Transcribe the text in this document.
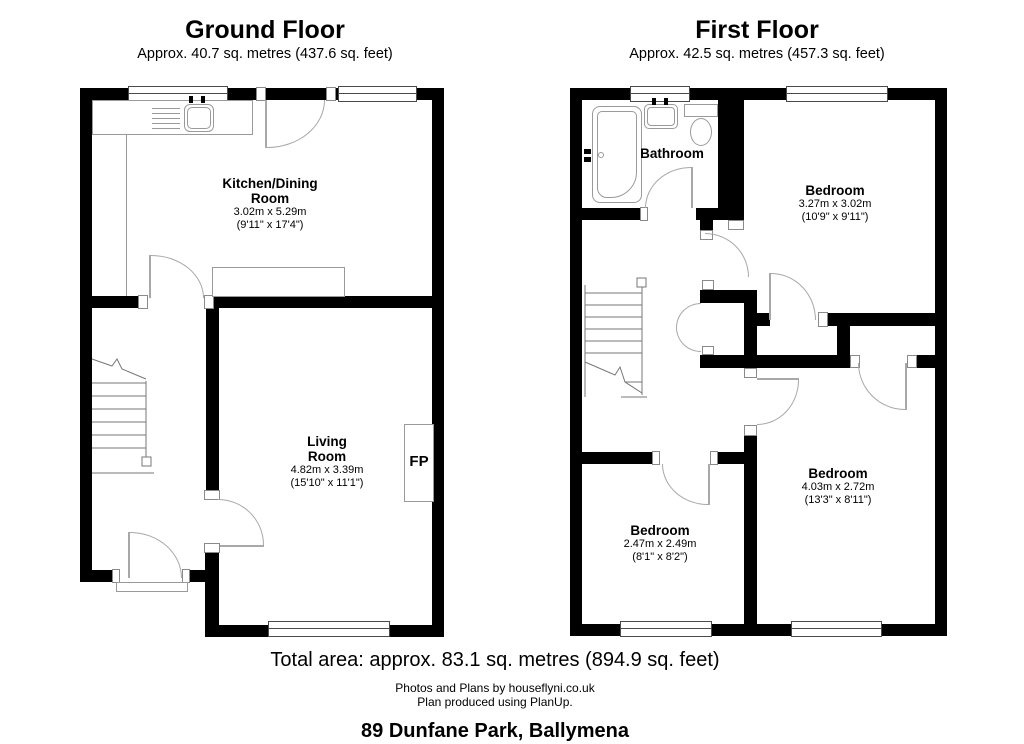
Ground Floor
Approx. 40.7 sq. metres (437.6 sq. feet)
First Floor
Approx. 42.5 sq. metres (457.3 sq. feet)
Kitchen/Dining
Room
3.02m x 5.29m
(9'11" x 17'4")
Living
Room
4.82m x 3.39m
(15'10" x 11'1")
FP
Bathroom
Bedroom
3.27m x 3.02m
(10'9" x 9'11")
Bedroom
4.03m x 2.72m
(13'3" x 8'11")
Bedroom
2.47m x 2.49m
(8'1" x 8'2")
Total area: approx. 83.1 sq. metres (894.9 sq. feet)
Photos and Plans by houseflyni.co.uk
Plan produced using PlanUp.
89 Dunfane Park, Ballymena
